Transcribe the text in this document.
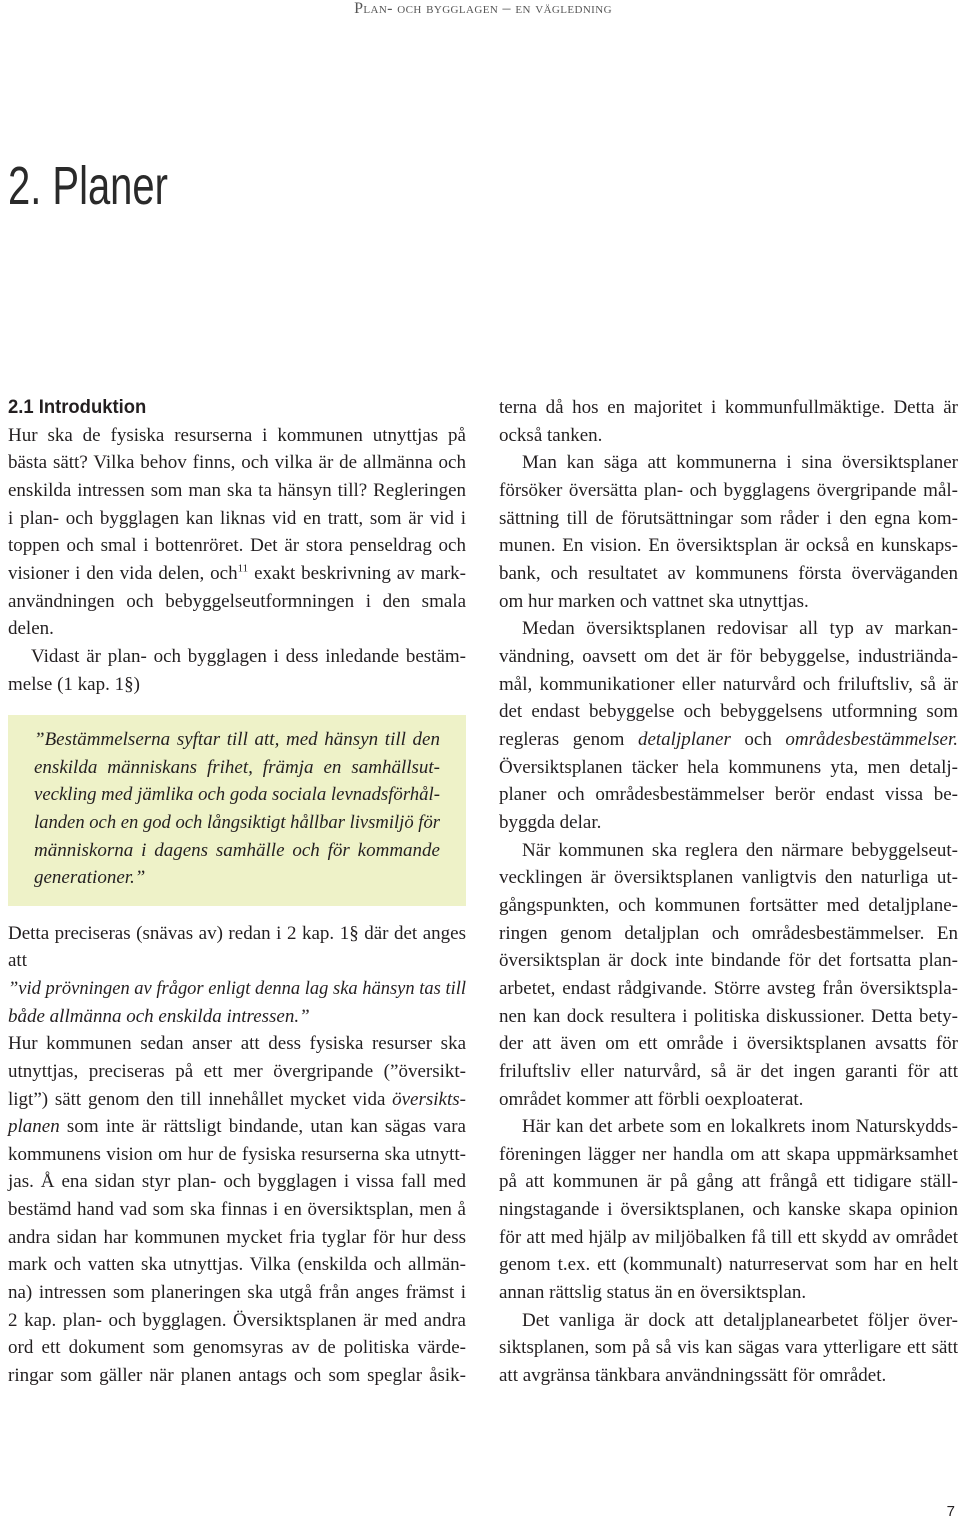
Plan- och bygglagen – en vägledning
2. Planer
2.1 Introduktion
7
Hur ska de fysiska resurserna i kommunen utnyttjas på
bästa sätt? Vilka behov finns, och vilka är de allmänna och
enskilda intressen som man ska ta hänsyn till? Regleringen
i plan- och bygglagen kan liknas vid en tratt, som är vid i
toppen och smal i bottenröret. Det är stora penseldrag och
visioner i den vida delen, och$^{11}$ exakt beskrivning av mark-
användningen och bebyggelseutformningen i den smala
delen.
Vidast är plan- och bygglagen i dess inledande bestäm-
melse (1 kap. 1§)
”Bestämmelserna syftar till att, med hänsyn till den
enskilda människans frihet, främja en samhällsut-
veckling med jämlika och goda sociala levnadsförhål-
landen och en god och långsiktigt hållbar livsmiljö för
människorna i dagens samhälle och för kommande
generationer.”
Detta preciseras (snävas av) redan i 2 kap. 1§ där det anges
att
”vid prövningen av frågor enligt denna lag ska hänsyn tas till
både allmänna och enskilda intressen.”
Hur kommunen sedan anser att dess fysiska resurser ska
utnyttjas, preciseras på ett mer övergripande (”översikt-
ligt”) sätt genom den till innehållet mycket vida översikts-
planen som inte är rättsligt bindande, utan kan sägas vara
kommunens vision om hur de fysiska resurserna ska utnytt-
jas. Å ena sidan styr plan- och bygglagen i vissa fall med
bestämd hand vad som ska finnas i en översiktsplan, men å
andra sidan har kommunen mycket fria tyglar för hur dess
mark och vatten ska utnyttjas. Vilka (enskilda och allmän-
na) intressen som planeringen ska utgå från anges främst i
2 kap. plan- och bygglagen. Översiktsplanen är med andra
ord ett dokument som genomsyras av de politiska värde-
ringar som gäller när planen antags och som speglar åsik-
terna då hos en majoritet i kommunfullmäktige. Detta är
också tanken.
Man kan säga att kommunerna i sina översiktsplaner
försöker översätta plan- och bygglagens övergripande mål-
sättning till de förutsättningar som råder i den egna kom-
munen. En vision. En översiktsplan är också en kunskaps-
bank, och resultatet av kommunens första överväganden
om hur marken och vattnet ska utnyttjas.
Medan översiktsplanen redovisar all typ av markan-
vändning, oavsett om det är för bebyggelse, industriända-
mål, kommunikationer eller naturvård och friluftsliv, så är
det endast bebyggelse och bebyggelsens utformning som
regleras genom detaljplaner och områdesbestämmelser.
Översiktsplanen täcker hela kommunens yta, men detalj-
planer och områdesbestämmelser berör endast vissa be-
byggda delar.
När kommunen ska reglera den närmare bebyggelseut-
vecklingen är översiktsplanen vanligtvis den naturliga ut-
gångspunkten, och kommunen fortsätter med detaljplane-
ringen genom detaljplan och områdesbestämmelser. En
översiktsplan är dock inte bindande för det fortsatta plan-
arbetet, endast rådgivande. Större avsteg från översiktspla-
nen kan dock resultera i politiska diskussioner. Detta bety-
der att även om ett område i översiktsplanen avsatts för
friluftsliv eller naturvård, så är det ingen garanti för att
området kommer att förbli oexploaterat.
Här kan det arbete som en lokalkrets inom Naturskydds-
föreningen lägger ner handla om att skapa uppmärksamhet
på att kommunen är på gång att frångå ett tidigare ställ-
ningstagande i översiktsplanen, och kanske skapa opinion
för att med hjälp av miljöbalken få till ett skydd av området
genom t.ex. ett (kommunalt) naturreservat som har en helt
annan rättslig status än en översiktsplan.
Det vanliga är dock att detaljplanearbetet följer över-
siktsplanen, som på så vis kan sägas vara ytterligare ett sätt
att avgränsa tänkbara användningssätt för området.
